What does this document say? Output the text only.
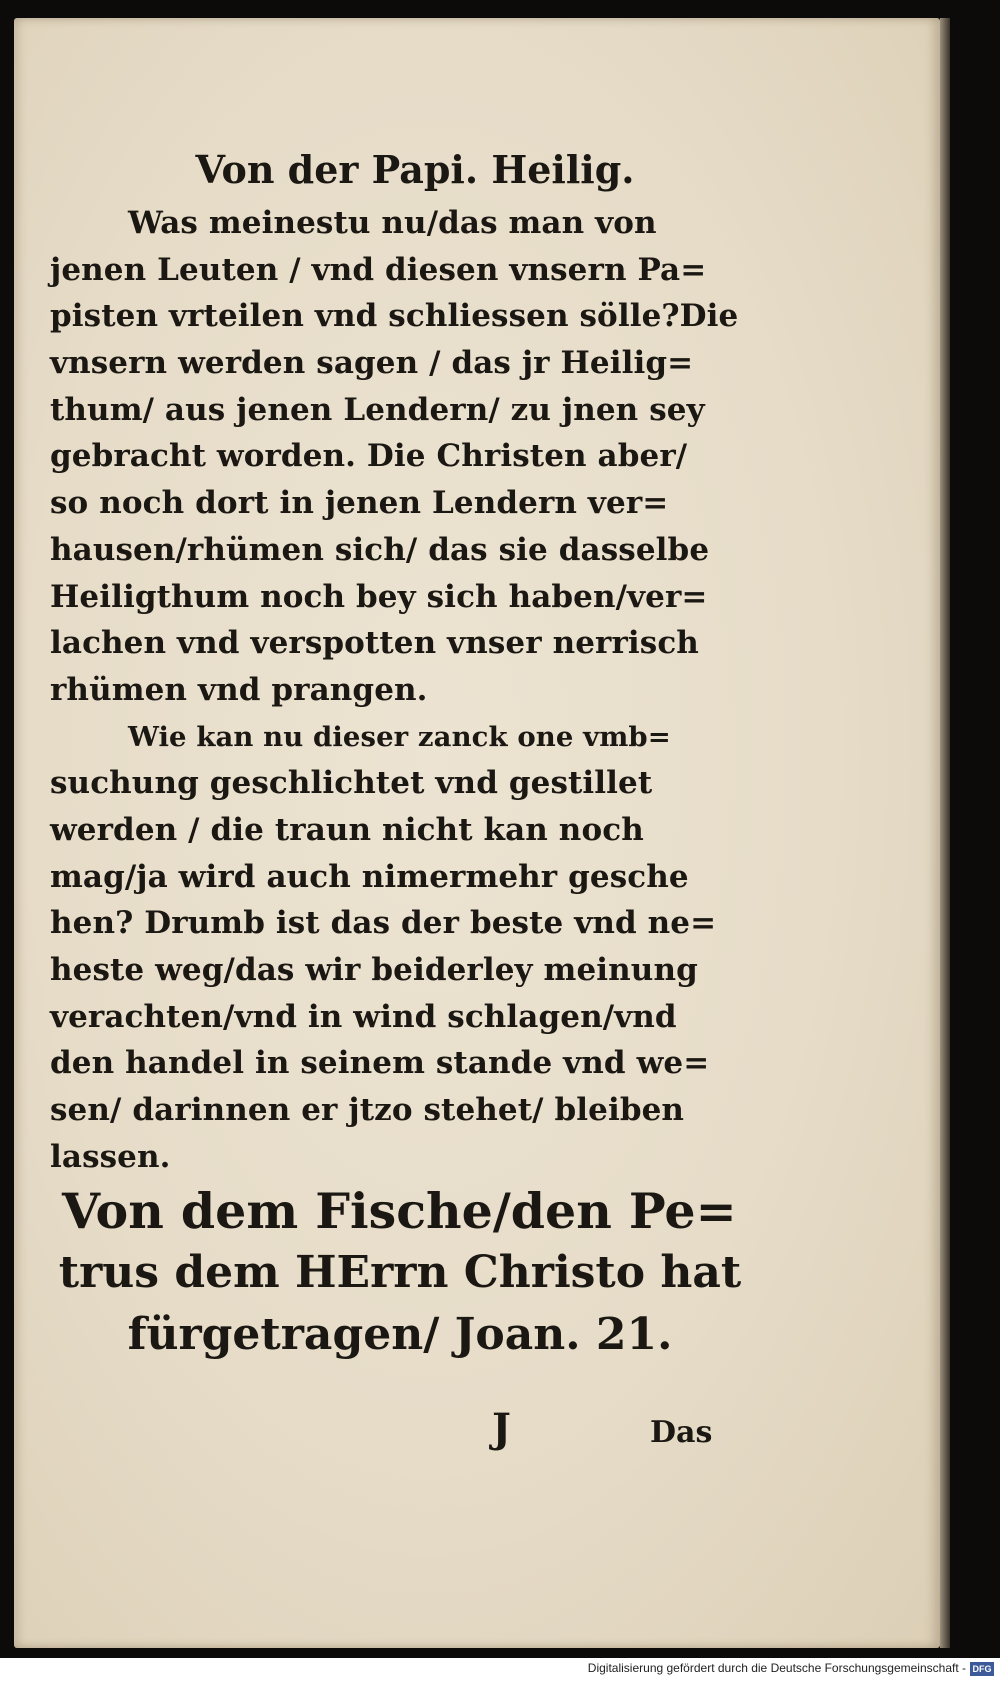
Von der Papi. Heilig.
Was meinestu nu/das man von
jenen Leuten / vnd diesen vnsern Pa=
pisten vrteilen vnd schliessen sölle?Die
vnsern werden sagen / das jr Heilig=
thum/ aus jenen Lendern/ zu jnen sey
gebracht worden. Die Christen aber/
so noch dort in jenen Lendern ver=
hausen/rhümen sich/ das sie dasselbe
Heiligthum noch bey sich haben/ver=
lachen vnd verspotten vnser nerrisch
rhümen vnd prangen.
Wie kan nu dieser zanck one vmb=
suchung geschlichtet vnd gestillet
werden / die traun nicht kan noch
mag/ja wird auch nimermehr gesche
hen? Drumb ist das der beste vnd ne=
heste weg/das wir beiderley meinung
verachten/vnd in wind schlagen/vnd
den handel in seinem stande vnd we=
sen/ darinnen er jtzo stehet/ bleiben
lassen.
Von dem Fische/den Pe=
trus dem HErrn Christo hat
fürgetragen/ Joan. 21.
J	Das
Digitalisierung gefördert durch die Deutsche Forschungsgemeinschaft - DFG
